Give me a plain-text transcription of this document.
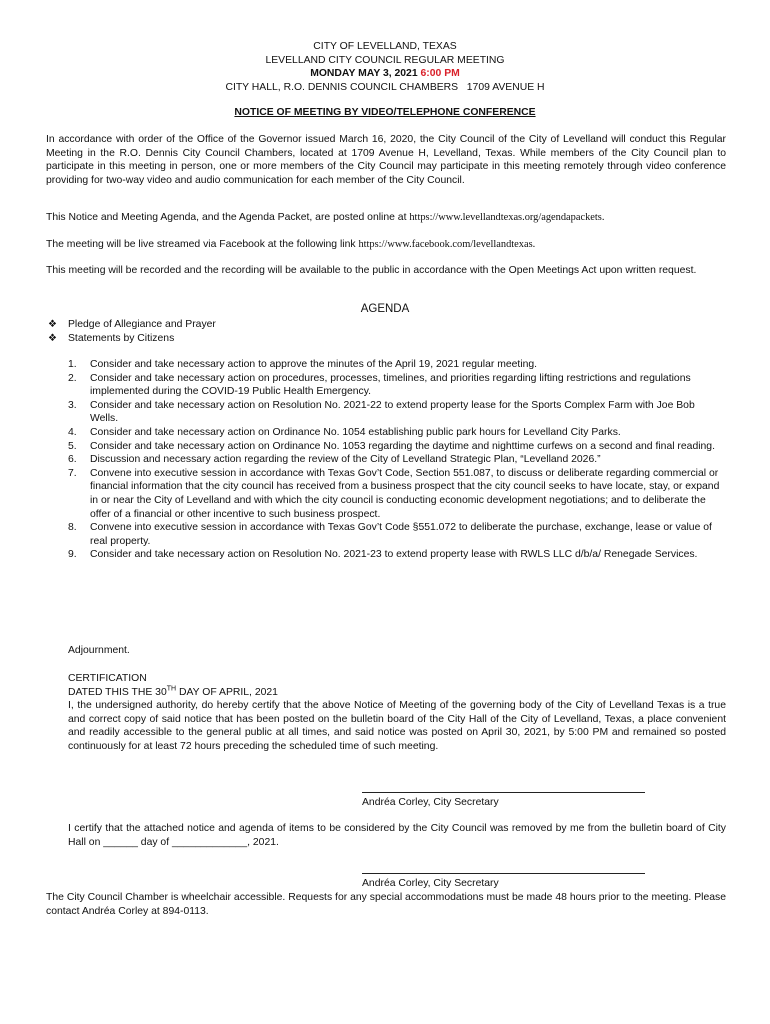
CITY OF LEVELLAND, TEXAS
LEVELLAND CITY COUNCIL REGULAR MEETING
MONDAY MAY 3, 2021 6:00 PM
CITY HALL, R.O. DENNIS COUNCIL CHAMBERS   1709 AVENUE H
NOTICE OF MEETING BY VIDEO/TELEPHONE CONFERENCE

In accordance with order of the Office of the Governor issued March 16, 2020, the City Council of the City of Levelland will conduct this Regular Meeting in the R.O. Dennis City Council Chambers, located at 1709 Avenue H, Levelland, Texas. While members of the City Council plan to participate in this meeting in person, one or more members of the City Council may participate in this meeting remotely through video conference providing for two-way video and audio communication for each member of the City Council.

This Notice and Meeting Agenda, and the Agenda Packet, are posted online at https://www.levellandtexas.org/agendapackets.

The meeting will be live streamed via Facebook at the following link https://www.facebook.com/levellandtexas.

This meeting will be recorded and the recording will be available to the public in accordance with the Open Meetings Act upon written request.

AGENDA
❖ Pledge of Allegiance and Prayer
❖ Statements by Citizens
1. Consider and take necessary action to approve the minutes of the April 19, 2021 regular meeting.
2. Consider and take necessary action on procedures, processes, timelines, and priorities regarding lifting restrictions and regulations implemented during the COVID-19 Public Health Emergency.
3. Consider and take necessary action on Resolution No. 2021-22 to extend property lease for the Sports Complex Farm with Joe Bob Wells.
4. Consider and take necessary action on Ordinance No. 1054 establishing public park hours for Levelland City Parks.
5. Consider and take necessary action on Ordinance No. 1053 regarding the daytime and nighttime curfews on a second and final reading.
6. Discussion and necessary action regarding the review of the City of Levelland Strategic Plan, “Levelland 2026.”
7. Convene into executive session in accordance with Texas Gov’t Code, Section 551.087, to discuss or deliberate regarding commercial or financial information that the city council has received from a business prospect that the city council seeks to have locate, stay, or expand in or near the City of Levelland and with which the city council is conducting economic development negotiations; and to deliberate the offer of a financial or other incentive to such business prospect.
8. Convene into executive session in accordance with Texas Gov’t Code §551.072 to deliberate the purchase, exchange, lease or value of real property.
9. Consider and take necessary action on Resolution No. 2021-23 to extend property lease with RWLS LLC d/b/a/ Renegade Services.
Adjournment.

CERTIFICATION

DATED THIS THE 30TH DAY OF APRIL, 2021

I, the undersigned authority, do hereby certify that the above Notice of Meeting of the governing body of the City of Levelland Texas is a true and correct copy of said notice that has been posted on the bulletin board of the City Hall of the City of Levelland, Texas, a place convenient and readily accessible to the general public at all times, and said notice was posted on April 30, 2021, by 5:00 PM and remained so posted continuously for at least 72 hours preceding the scheduled time of such meeting.

Andréa Corley, City Secretary

I certify that the attached notice and agenda of items to be considered by the City Council was removed by me from the bulletin board of City Hall on ______ day of _____________, 2021.

Andréa Corley, City Secretary

The City Council Chamber is wheelchair accessible. Requests for any special accommodations must be made 48 hours prior to the meeting. Please contact Andréa Corley at 894-0113.
